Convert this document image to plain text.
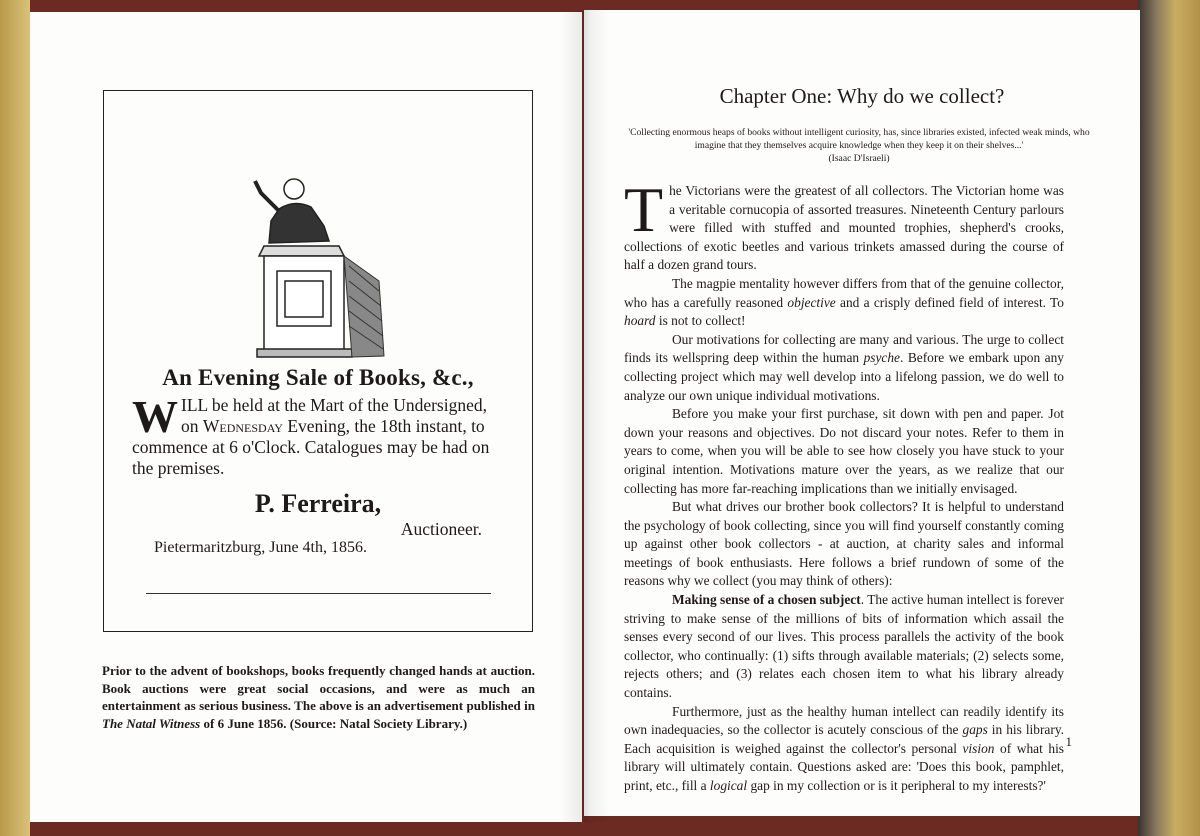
An Evening Sale of Books, &c.,
WILL be held at the Mart of the Undersigned, on Wednesday Evening, the 18th instant, to commence at 6 o'Clock. Catalogues may be had on the premises.
P. Ferreira,
Auctioneer.
Pietermaritzburg, June 4th, 1856.
Prior to the advent of bookshops, books frequently changed hands at auction. Book auctions were great social occasions, and were as much an entertainment as serious business. The above is an advertisement published in The Natal Witness of 6 June 1856. (Source: Natal Society Library.)
Chapter One: Why do we collect?
'Collecting enormous heaps of books without intelligent curiosity, has, since libraries existed, infected weak minds, who imagine that they themselves acquire knowledge when they keep it on their shelves...'
(Isaac D'Israeli)

The Victorians were the greatest of all collectors. The Victorian home was a veritable cornucopia of assorted treasures. Nineteenth Century parlours were filled with stuffed and mounted trophies, shepherd's crooks, collections of exotic beetles and various trinkets amassed during the course of half a dozen grand tours.

The magpie mentality however differs from that of the genuine collector, who has a carefully reasoned objective and a crisply defined field of interest. To hoard is not to collect!

Our motivations for collecting are many and various. The urge to collect finds its wellspring deep within the human psyche. Before we embark upon any collecting project which may well develop into a lifelong passion, we do well to analyze our own unique individual motivations.

Before you make your first purchase, sit down with pen and paper. Jot down your reasons and objectives. Do not discard your notes. Refer to them in years to come, when you will be able to see how closely you have stuck to your original intention. Motivations mature over the years, as we realize that our collecting has more far-reaching implications than we initially envisaged.

But what drives our brother book collectors? It is helpful to understand the psychology of book collecting, since you will find yourself constantly coming up against other book collectors - at auction, at charity sales and informal meetings of book enthusiasts. Here follows a brief rundown of some of the reasons why we collect (you may think of others):

Making sense of a chosen subject. The active human intellect is forever striving to make sense of the millions of bits of information which assail the senses every second of our lives. This process parallels the activity of the book collector, who continually: (1) sifts through available materials; (2) selects some, rejects others; and (3) relates each chosen item to what his library already contains.

Furthermore, just as the healthy human intellect can readily identify its own inadequacies, so the collector is acutely conscious of the gaps in his library. Each acquisition is weighed against the collector's personal vision of what his library will ultimately contain. Questions asked are: 'Does this book, pamphlet, print, etc., fill a logical gap in my collection or is it peripheral to my interests?'

1
